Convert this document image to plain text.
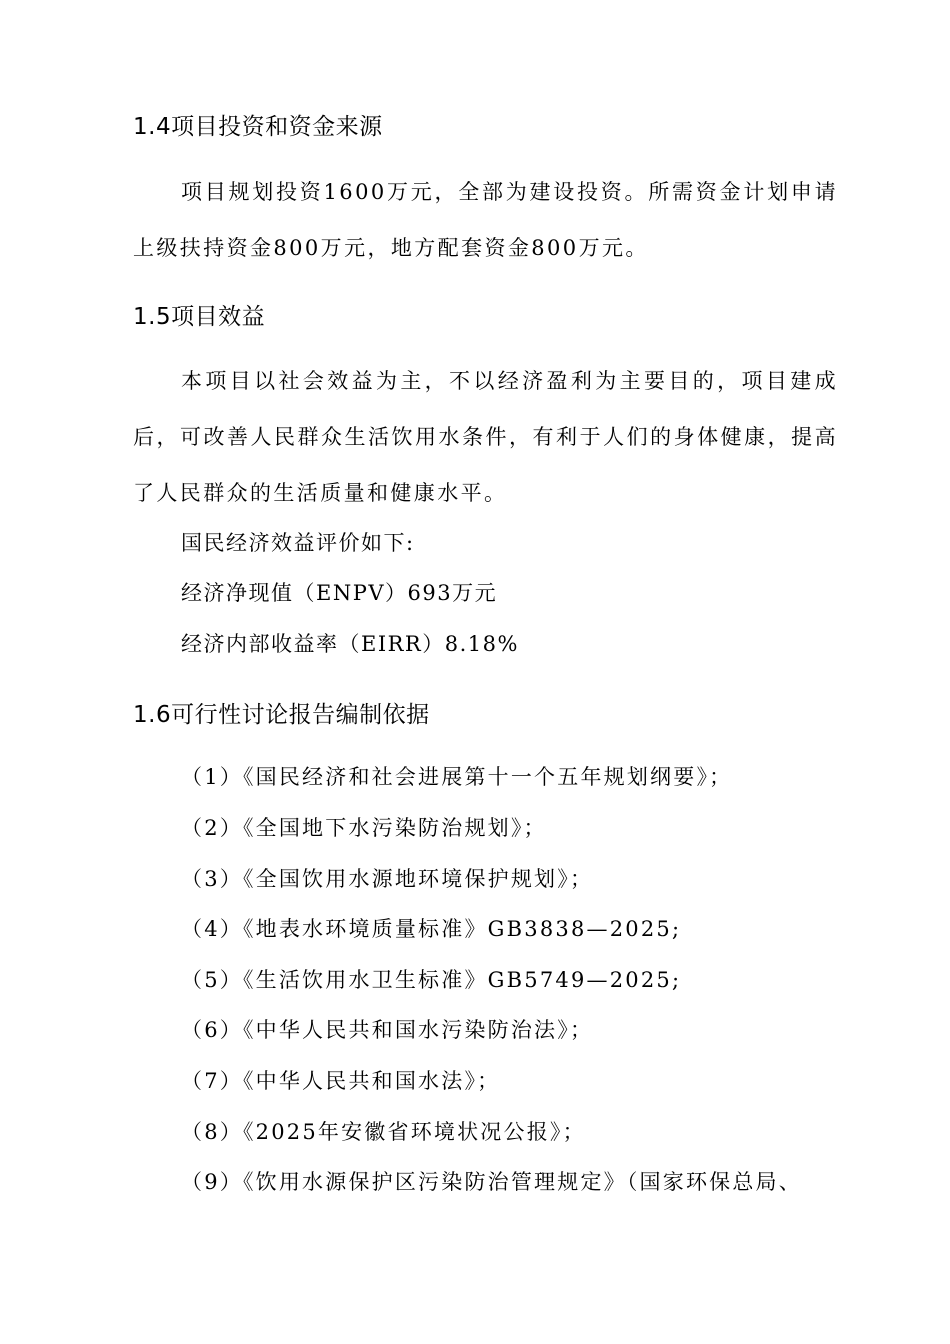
1.4项目投资和资金来源
项目规划投资1600万元，全部为建设投资。所需资金计划申请上级扶持资金800万元，地方配套资金800万元。
1.5项目效益
本项目以社会效益为主，不以经济盈利为主要目的，项目建成后，可改善人民群众生活饮用水条件，有利于人们的身体健康，提高了人民群众的生活质量和健康水平。
国民经济效益评价如下:
经济净现值（ENPV）693万元
经济内部收益率（EIRR）8.18%
1.6可行性讨论报告编制依据
（1）《国民经济和社会进展第十一个五年规划纲要》；
（2）《全国地下水污染防治规划》；
（3）《全国饮用水源地环境保护规划》；
（4）《地表水环境质量标准》GB3838—2025;
（5）《生活饮用水卫生标准》GB5749—2025;
（6）《中华人民共和国水污染防治法》；
（7）《中华人民共和国水法》；
（8）《2025年安徽省环境状况公报》；
（9）《饮用水源保护区污染防治管理规定》（国家环保总局、
